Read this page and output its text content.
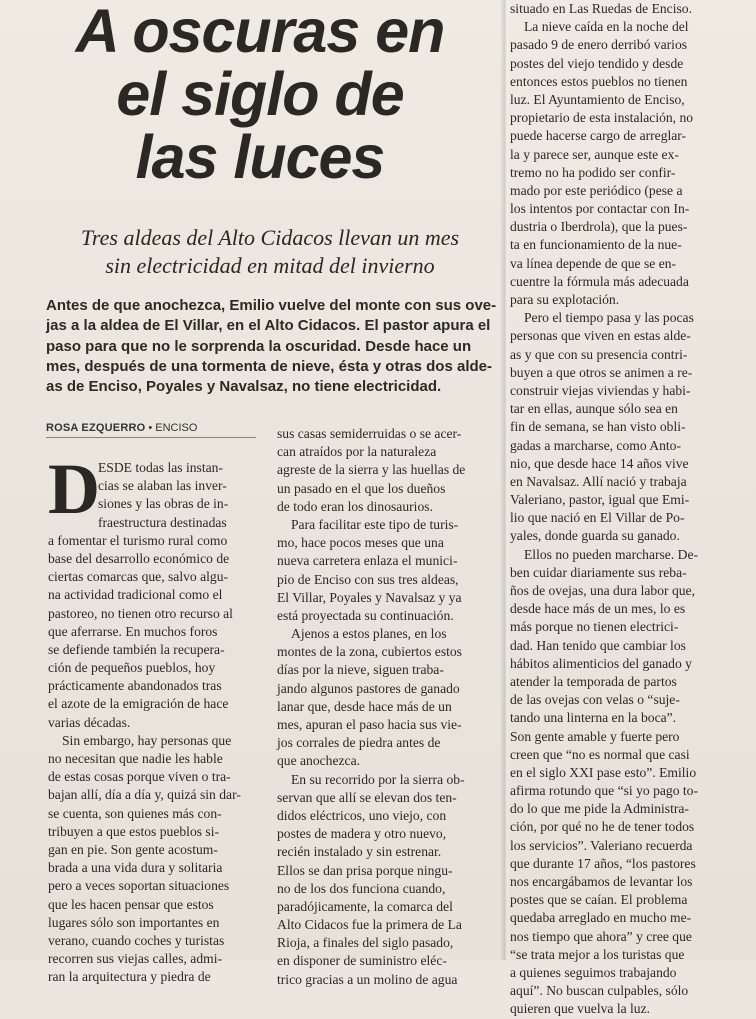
A oscuras en
el siglo de
las luces
Tres aldeas del Alto Cidacos llevan un mes
sin electricidad en mitad del invierno

Antes de que anochezca, Emilio vuelve del monte con sus ove-
jas a la aldea de El Villar, en el Alto Cidacos. El pastor apura el
paso para que no le sorprenda la oscuridad. Desde hace un
mes, después de una tormenta de nieve, ésta y otras dos alde-
as de Enciso, Poyales y Navalsaz, no tiene electricidad.

ROSA EZQUERRO • ENCISO
D
ESDE todas las instan-
cias se alaban las inver-
siones y las obras de in-
fraestructura destinadas
a fomentar el turismo rural como
base del desarrollo económico de
ciertas comarcas que, salvo algu-
na actividad tradicional como el
pastoreo, no tienen otro recurso al
que aferrarse. En muchos foros
se defiende también la recupera-
ción de pequeños pueblos, hoy
prácticamente abandonados tras
el azote de la emigración de hace
varias décadas.
Sin embargo, hay personas que
no necesitan que nadie les hable
de estas cosas porque viven o tra-
bajan allí, día a día y, quizá sin dar-
se cuenta, son quienes más con-
tribuyen a que estos pueblos si-
gan en pie. Son gente acostum-
brada a una vida dura y solitaria
pero a veces soportan situaciones
que les hacen pensar que estos
lugares sólo son importantes en
verano, cuando coches y turistas
recorren sus viejas calles, admi-
ran la arquitectura y piedra de
sus casas semiderruidas o se acer-
can atraídos por la naturaleza
agreste de la sierra y las huellas de
un pasado en el que los dueños
de todo eran los dinosaurios.
Para facilitar este tipo de turis-
mo, hace pocos meses que una
nueva carretera enlaza el munici-
pio de Enciso con sus tres aldeas,
El Villar, Poyales y Navalsaz y ya
está proyectada su continuación.
Ajenos a estos planes, en los
montes de la zona, cubiertos estos
días por la nieve, siguen traba-
jando algunos pastores de ganado
lanar que, desde hace más de un
mes, apuran el paso hacia sus vie-
jos corrales de piedra antes de
que anochezca.
En su recorrido por la sierra ob-
servan que allí se elevan dos ten-
didos eléctricos, uno viejo, con
postes de madera y otro nuevo,
recién instalado y sin estrenar.
Ellos se dan prisa porque ningu-
no de los dos funciona cuando,
paradójicamente, la comarca del
Alto Cidacos fue la primera de La
Rioja, a finales del siglo pasado,
en disponer de suministro eléc-
trico gracias a un molino de agua
situado en Las Ruedas de Enciso.
La nieve caída en la noche del
pasado 9 de enero derribó varios
postes del viejo tendido y desde
entonces estos pueblos no tienen
luz. El Ayuntamiento de Enciso,
propietario de esta instalación, no
puede hacerse cargo de arreglar-
la y parece ser, aunque este ex-
tremo no ha podido ser confir-
mado por este periódico (pese a
los intentos por contactar con In-
dustria o Iberdrola), que la pues-
ta en funcionamiento de la nue-
va línea depende de que se en-
cuentre la fórmula más adecuada
para su explotación.
Pero el tiempo pasa y las pocas
personas que viven en estas alde-
as y que con su presencia contri-
buyen a que otros se animen a re-
construir viejas viviendas y habi-
tar en ellas, aunque sólo sea en
fin de semana, se han visto obli-
gadas a marcharse, como Anto-
nio, que desde hace 14 años vive
en Navalsaz. Allí nació y trabaja
Valeriano, pastor, igual que Emi-
lio que nació en El Villar de Po-
yales, donde guarda su ganado.
Ellos no pueden marcharse. De-
ben cuidar diariamente sus reba-
ños de ovejas, una dura labor que,
desde hace más de un mes, lo es
más porque no tienen electrici-
dad. Han tenido que cambiar los
hábitos alimenticios del ganado y
atender la temporada de partos
de las ovejas con velas o “suje-
tando una linterna en la boca”.
Son gente amable y fuerte pero
creen que “no es normal que casi
en el siglo XXI pase esto”. Emilio
afirma rotundo que “si yo pago to-
do lo que me pide la Administra-
ción, por qué no he de tener todos
los servicios”. Valeriano recuerda
que durante 17 años, “los pastores
nos encargábamos de levantar los
postes que se caían. El problema
quedaba arreglado en mucho me-
nos tiempo que ahora” y cree que
“se trata mejor a los turistas que
a quienes seguimos trabajando
aquí”. No buscan culpables, sólo
quieren que vuelva la luz.
